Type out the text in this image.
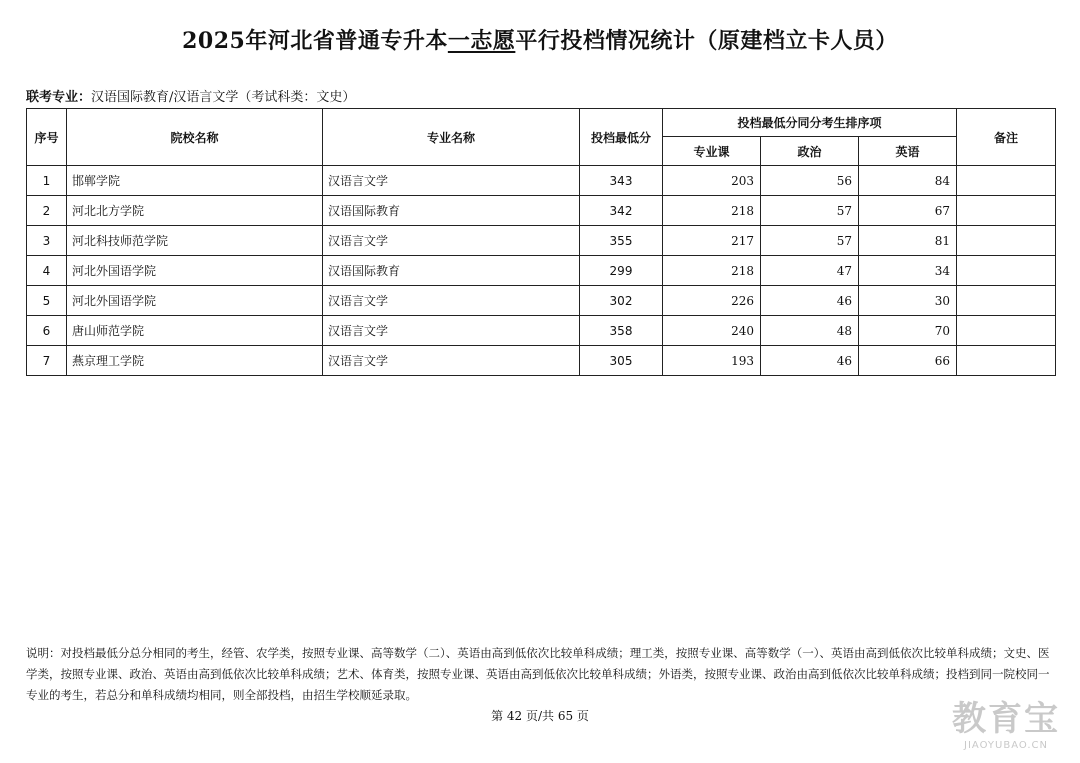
2025年河北省普通专升本一志愿平行投档情况统计（原建档立卡人员）
联考专业：汉语国际教育/汉语言文学（考试科类：文史）
序号	院校名称	专业名称	投档最低分	投档最低分同分考生排序项			备注
				专业课	政治	英语	
1	邯郸学院	汉语言文学	343	203	56	84	
2	河北北方学院	汉语国际教育	342	218	57	67	
3	河北科技师范学院	汉语言文学	355	217	57	81	
4	河北外国语学院	汉语国际教育	299	218	47	34	
5	河北外国语学院	汉语言文学	302	226	46	30	
6	唐山师范学院	汉语言文学	358	240	48	70	
7	燕京理工学院	汉语言文学	305	193	46	66	
说明：对投档最低分总分相同的考生，经管、农学类，按照专业课、高等数学（二）、英语由高到低依次比较单科成绩；理工类，按照专业课、高等数学（一）、英语由高到低依次比较单科成绩；文史、医学类，按照专业课、政治、英语由高到低依次比较单科成绩；艺术、体育类，按照专业课、英语由高到低依次比较单科成绩；外语类，按照专业课、政治由高到低依次比较单科成绩；投档到同一院校同一专业的考生，若总分和单科成绩均相同，则全部投档，由招生学校顺延录取。
第 42 页/共 65 页	教育宝
JIAOYUBAO.CN
